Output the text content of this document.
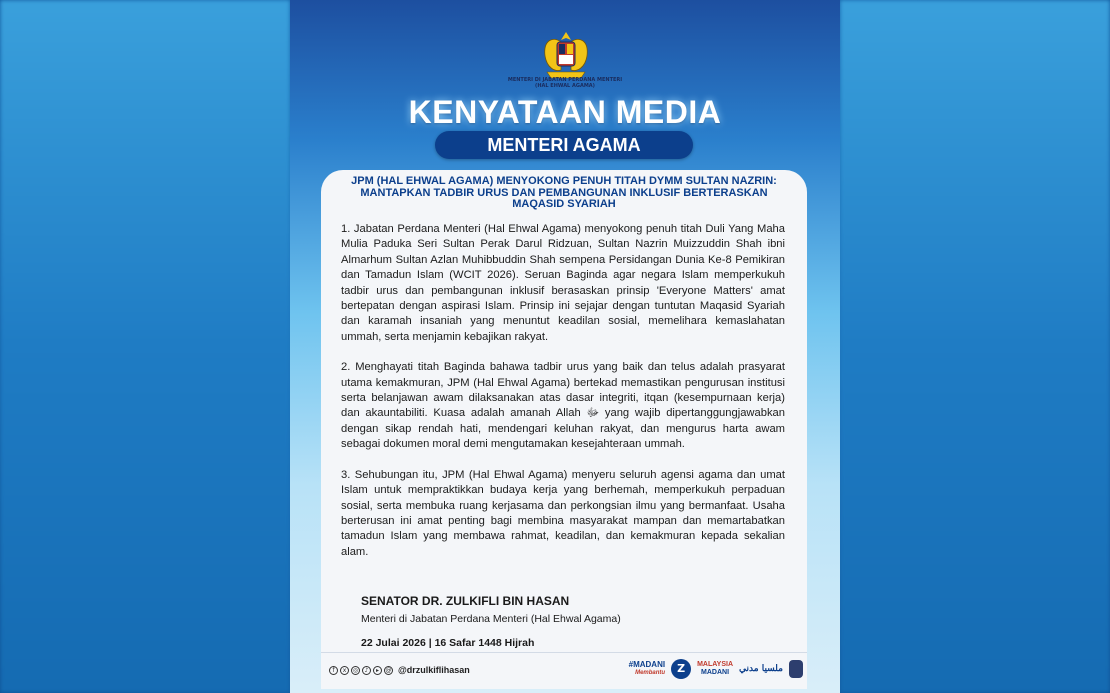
MENTERI DI JABATAN PERDANA MENTERI
(HAL EHWAL AGAMA)
KENYATAAN MEDIA
MENTERI AGAMA
JPM (HAL EHWAL AGAMA) MENYOKONG PENUH TITAH DYMM SULTAN NAZRIN: MANTAPKAN TADBIR URUS DAN PEMBANGUNAN INKLUSIF BERTERASKAN MAQASID SYARIAH

1. Jabatan Perdana Menteri (Hal Ehwal Agama) menyokong penuh titah Duli Yang Maha Mulia Paduka Seri Sultan Perak Darul Ridzuan, Sultan Nazrin Muizzuddin Shah ibni Almarhum Sultan Azlan Muhibbuddin Shah sempena Persidangan Dunia Ke-8 Pemikiran dan Tamadun Islam (WCIT 2026). Seruan Baginda agar negara Islam memperkukuh tadbir urus dan pembangunan inklusif berasaskan prinsip 'Everyone Matters' amat bertepatan dengan aspirasi Islam. Prinsip ini sejajar dengan tuntutan Maqasid Syariah dan karamah insaniah yang menuntut keadilan sosial, memelihara kemaslahatan ummah, serta menjamin kebajikan rakyat.

2. Menghayati titah Baginda bahawa tadbir urus yang baik dan telus adalah prasyarat utama kemakmuran, JPM (Hal Ehwal Agama) bertekad memastikan pengurusan institusi serta belanjawan awam dilaksanakan atas dasar integriti, itqan (kesempurnaan kerja) dan akauntabiliti. Kuasa adalah amanah Allah ﷻ yang wajib dipertanggungjawabkan dengan sikap rendah hati, mendengari keluhan rakyat, dan mengurus harta awam sebagai dokumen moral demi mengutamakan kesejahteraan ummah.

3. Sehubungan itu, JPM (Hal Ehwal Agama) menyeru seluruh agensi agama dan umat Islam untuk mempraktikkan budaya kerja yang berhemah, memperkukuh perpaduan sosial, serta membuka ruang kerjasama dan perkongsian ilmu yang bermanfaat. Usaha berterusan ini amat penting bagi membina masyarakat mampan dan memartabatkan tamadun Islam yang membawa rahmat, keadilan, dan kemakmuran kepada sekalian alam.

SENATOR DR. ZULKIFLI BIN HASAN
Menteri di Jabatan Perdana Menteri (Hal Ehwal Agama)
22 Julai 2026 | 16 Safar 1448 Hijrah
f	x	◎	♪	▸	@ @drzulkiflihasan
#MADANI
Membantu	Z	MALAYSIA
MADANI	ملسيا مدني
